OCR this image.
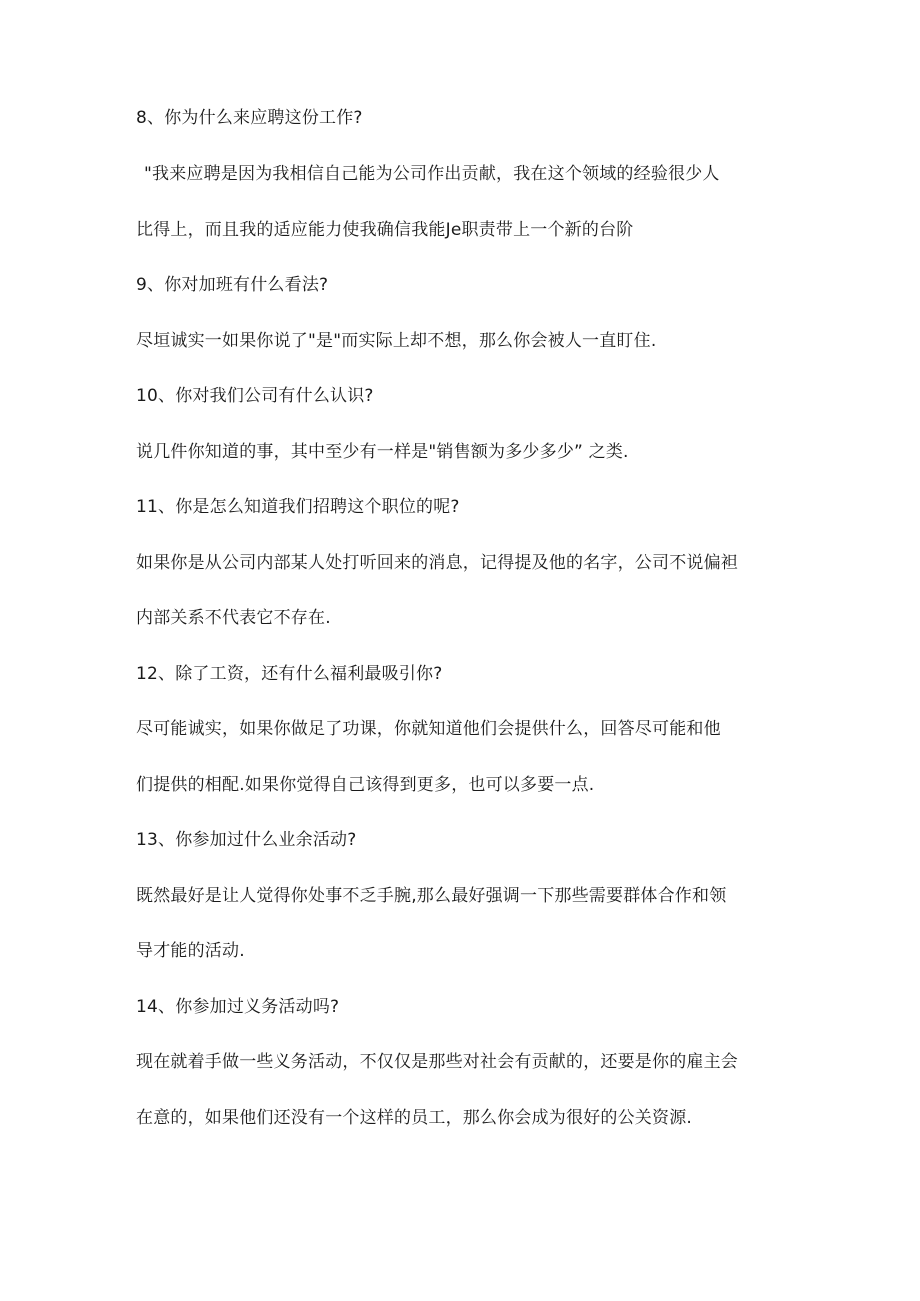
8、你为什么来应聘这份工作?
"我来应聘是因为我相信自己能为公司作出贡献，我在这个领域的经验很少人
比得上，而且我的适应能力使我确信我能Je职责带上一个新的台阶
9、你对加班有什么看法?
尽垣诚实一如果你说了"是"而实际上却不想，那么你会被人一直盯住.
10、你对我们公司有什么认识?
说几件你知道的事，其中至少有一样是"销售额为多少多少” 之类.
11、你是怎么知道我们招聘这个职位的呢?
如果你是从公司内部某人处打听回来的消息，记得提及他的名字，公司不说偏袒
内部关系不代表它不存在.
12、除了工资，还有什么福利最吸引你?
尽可能诚实，如果你做足了功课，你就知道他们会提供什么，回答尽可能和他
们提供的相配.如果你觉得自己该得到更多，也可以多要一点.
13、你参加过什么业余活动?
既然最好是让人觉得你处事不乏手腕,那么最好强调一下那些需要群体合作和领
导才能的活动.
14、你参加过义务活动吗?
现在就着手做一些义务活动，不仅仅是那些对社会有贡献的，还要是你的雇主会
在意的，如果他们还没有一个这样的员工，那么你会成为很好的公关资源.
